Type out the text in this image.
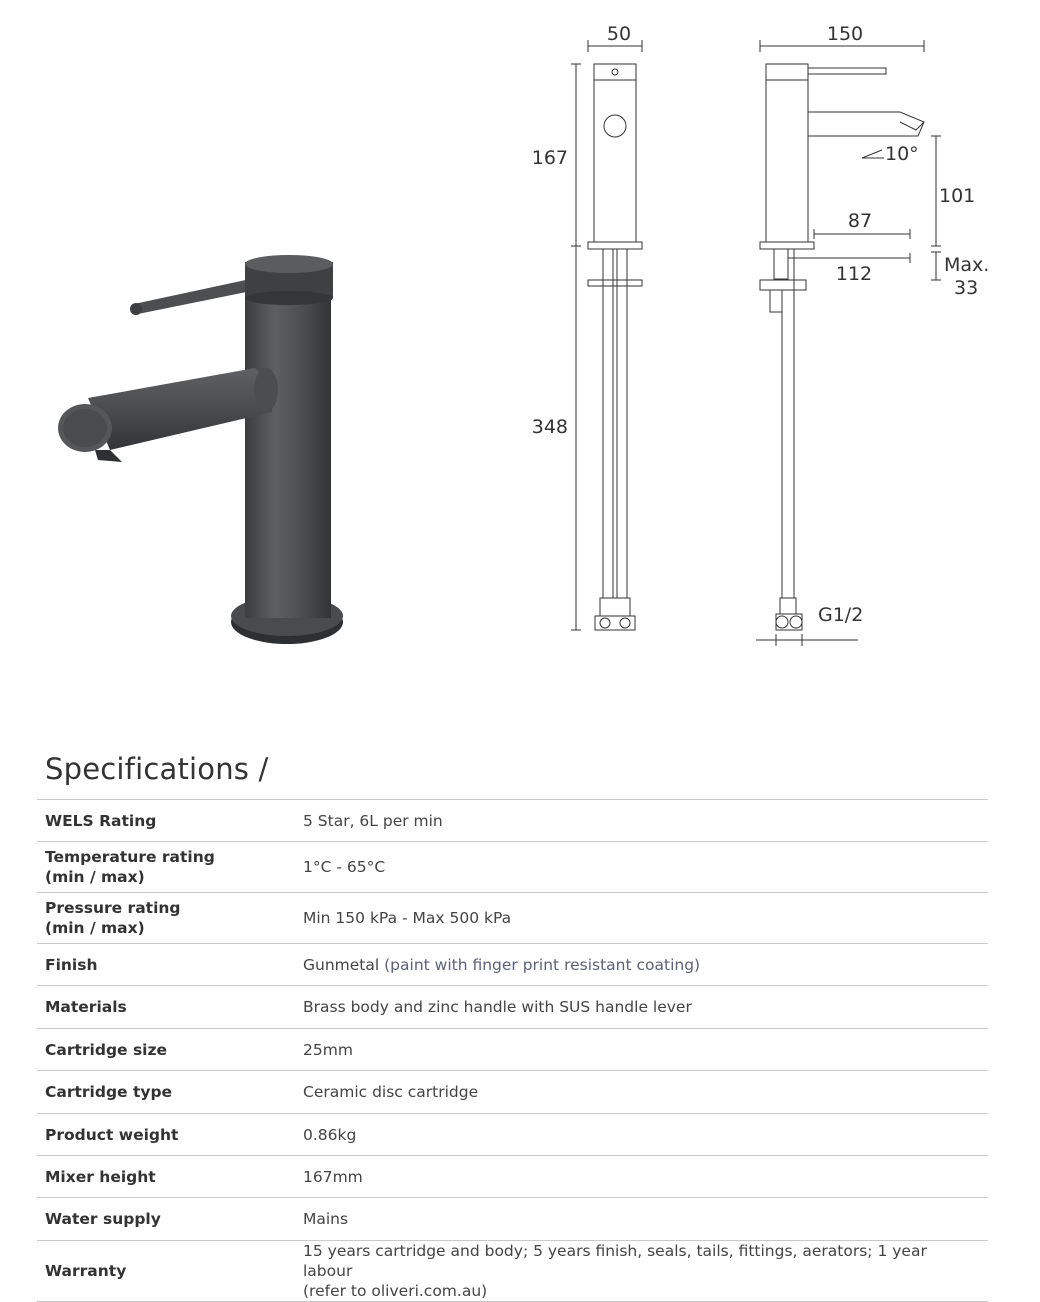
50	150
167
348
101
87
112
10°
Max.
33
G1/2
Specifications /
WELS Rating	5 Star, 6L per min
Temperature rating
(min / max)	1°C - 65°C
Pressure rating
(min / max)	Min 150 kPa - Max 500 kPa
Finish	Gunmetal (paint with finger print resistant coating)
Materials	Brass body and zinc handle with SUS handle lever
Cartridge size	25mm
Cartridge type	Ceramic disc cartridge
Product weight	0.86kg
Mixer height	167mm
Water supply	Mains
Warranty	15 years cartridge and body; 5 years finish, seals, tails, fittings, aerators; 1 year labour
(refer to oliveri.com.au)
